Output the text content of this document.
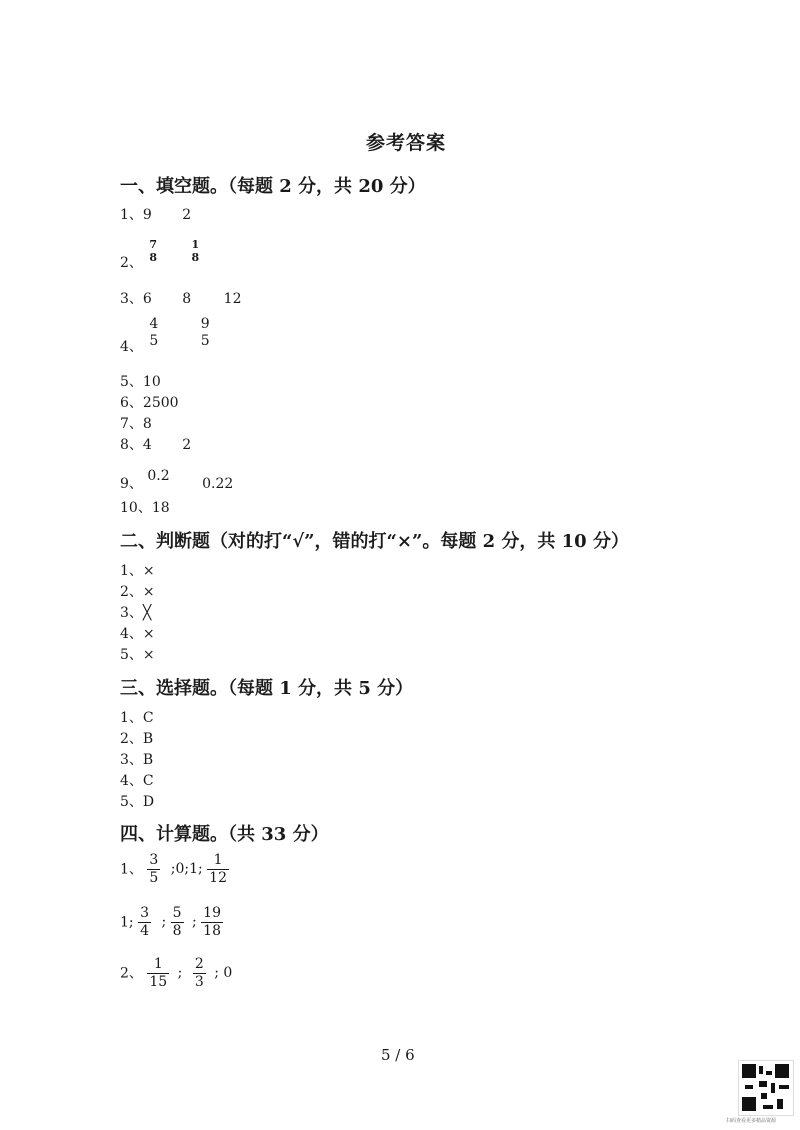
参考答案
一、填空题。（每题 2 分，共 20 分）
1、9 2
2、
7
8

1
8
3、6 8 12
4、
4
5

9
5
5、10
6、2500
7、8
8、4 2
9、 0.2 0.22
10、18
二、判断题（对的打“√”，错的打“×”。每题 2 分，共 10 分）
1、×
2、×
3、╳
4、×
5、×
三、选择题。（每题 1 分，共 5 分）
1、C
2、B
3、B
4、C
5、D
四、计算题。（共 33 分）
1、 $\frac{3}{5}$ ;0;1; $\frac{1}{12}$
1; $\frac{3}{4}$ ; $\frac{5}{8}$ ; $\frac{19}{18}$
2、 $\frac{1}{15}$ ; $\frac{2}{3}$ ; 0
5 / 6
扫码查看更多精品资源
